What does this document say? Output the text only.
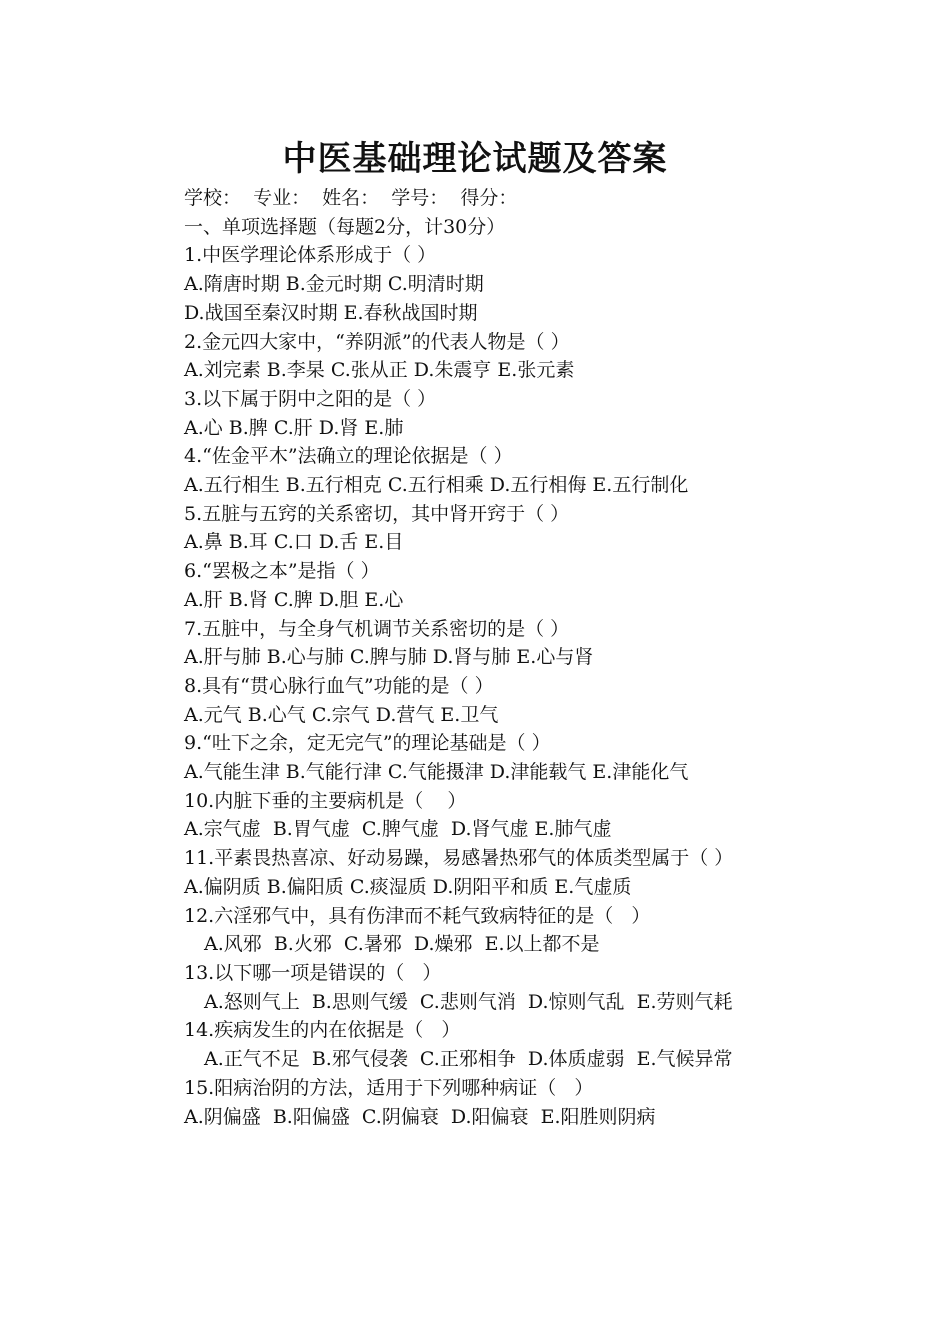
中医基础理论试题及答案
学校：  专业：  姓名：  学号：  得分：
一、单项选择题（每题2分，计30分）
1.中医学理论体系形成于（ ）
A.隋唐时期 B.金元时期 C.明清时期
D.战国至秦汉时期 E.春秋战国时期
2.金元四大家中，“养阴派”的代表人物是（ ）
A.刘完素 B.李杲 C.张从正 D.朱震亨 E.张元素
3.以下属于阴中之阳的是（ ）
A.心 B.脾 C.肝 D.肾 E.肺
4.“佐金平木”法确立的理论依据是（ ）
A.五行相生 B.五行相克 C.五行相乘 D.五行相侮 E.五行制化
5.五脏与五窍的关系密切，其中肾开窍于（ ）
A.鼻 B.耳 C.口 D.舌 E.目
6.“罢极之本”是指（ ）
A.肝 B.肾 C.脾 D.胆 E.心
7.五脏中，与全身气机调节关系密切的是（ ）
A.肝与肺 B.心与肺 C.脾与肺 D.肾与肺 E.心与肾
8.具有“贯心脉行血气”功能的是（ ）
A.元气 B.心气 C.宗气 D.营气 E.卫气
9.“吐下之余，定无完气”的理论基础是（ ）
A.气能生津 B.气能行津 C.气能摄津 D.津能载气 E.津能化气
10.内脏下垂的主要病机是（    ）
A.宗气虚  B.胃气虚  C.脾气虚  D.肾气虚 E.肺气虚
11.平素畏热喜凉、好动易躁，易感暑热邪气的体质类型属于（ ）
A.偏阴质 B.偏阳质 C.痰湿质 D.阴阳平和质 E.气虚质
12.六淫邪气中，具有伤津而不耗气致病特征的是（   ）
A.风邪  B.火邪  C.暑邪  D.燥邪  E.以上都不是
13.以下哪一项是错误的（   ）
A.怒则气上  B.思则气缓  C.悲则气消  D.惊则气乱  E.劳则气耗
14.疾病发生的内在依据是（   ）
A.正气不足  B.邪气侵袭  C.正邪相争  D.体质虚弱  E.气候异常
15.阳病治阴的方法，适用于下列哪种病证（   ）
A.阴偏盛  B.阳偏盛  C.阴偏衰  D.阳偏衰  E.阳胜则阴病
